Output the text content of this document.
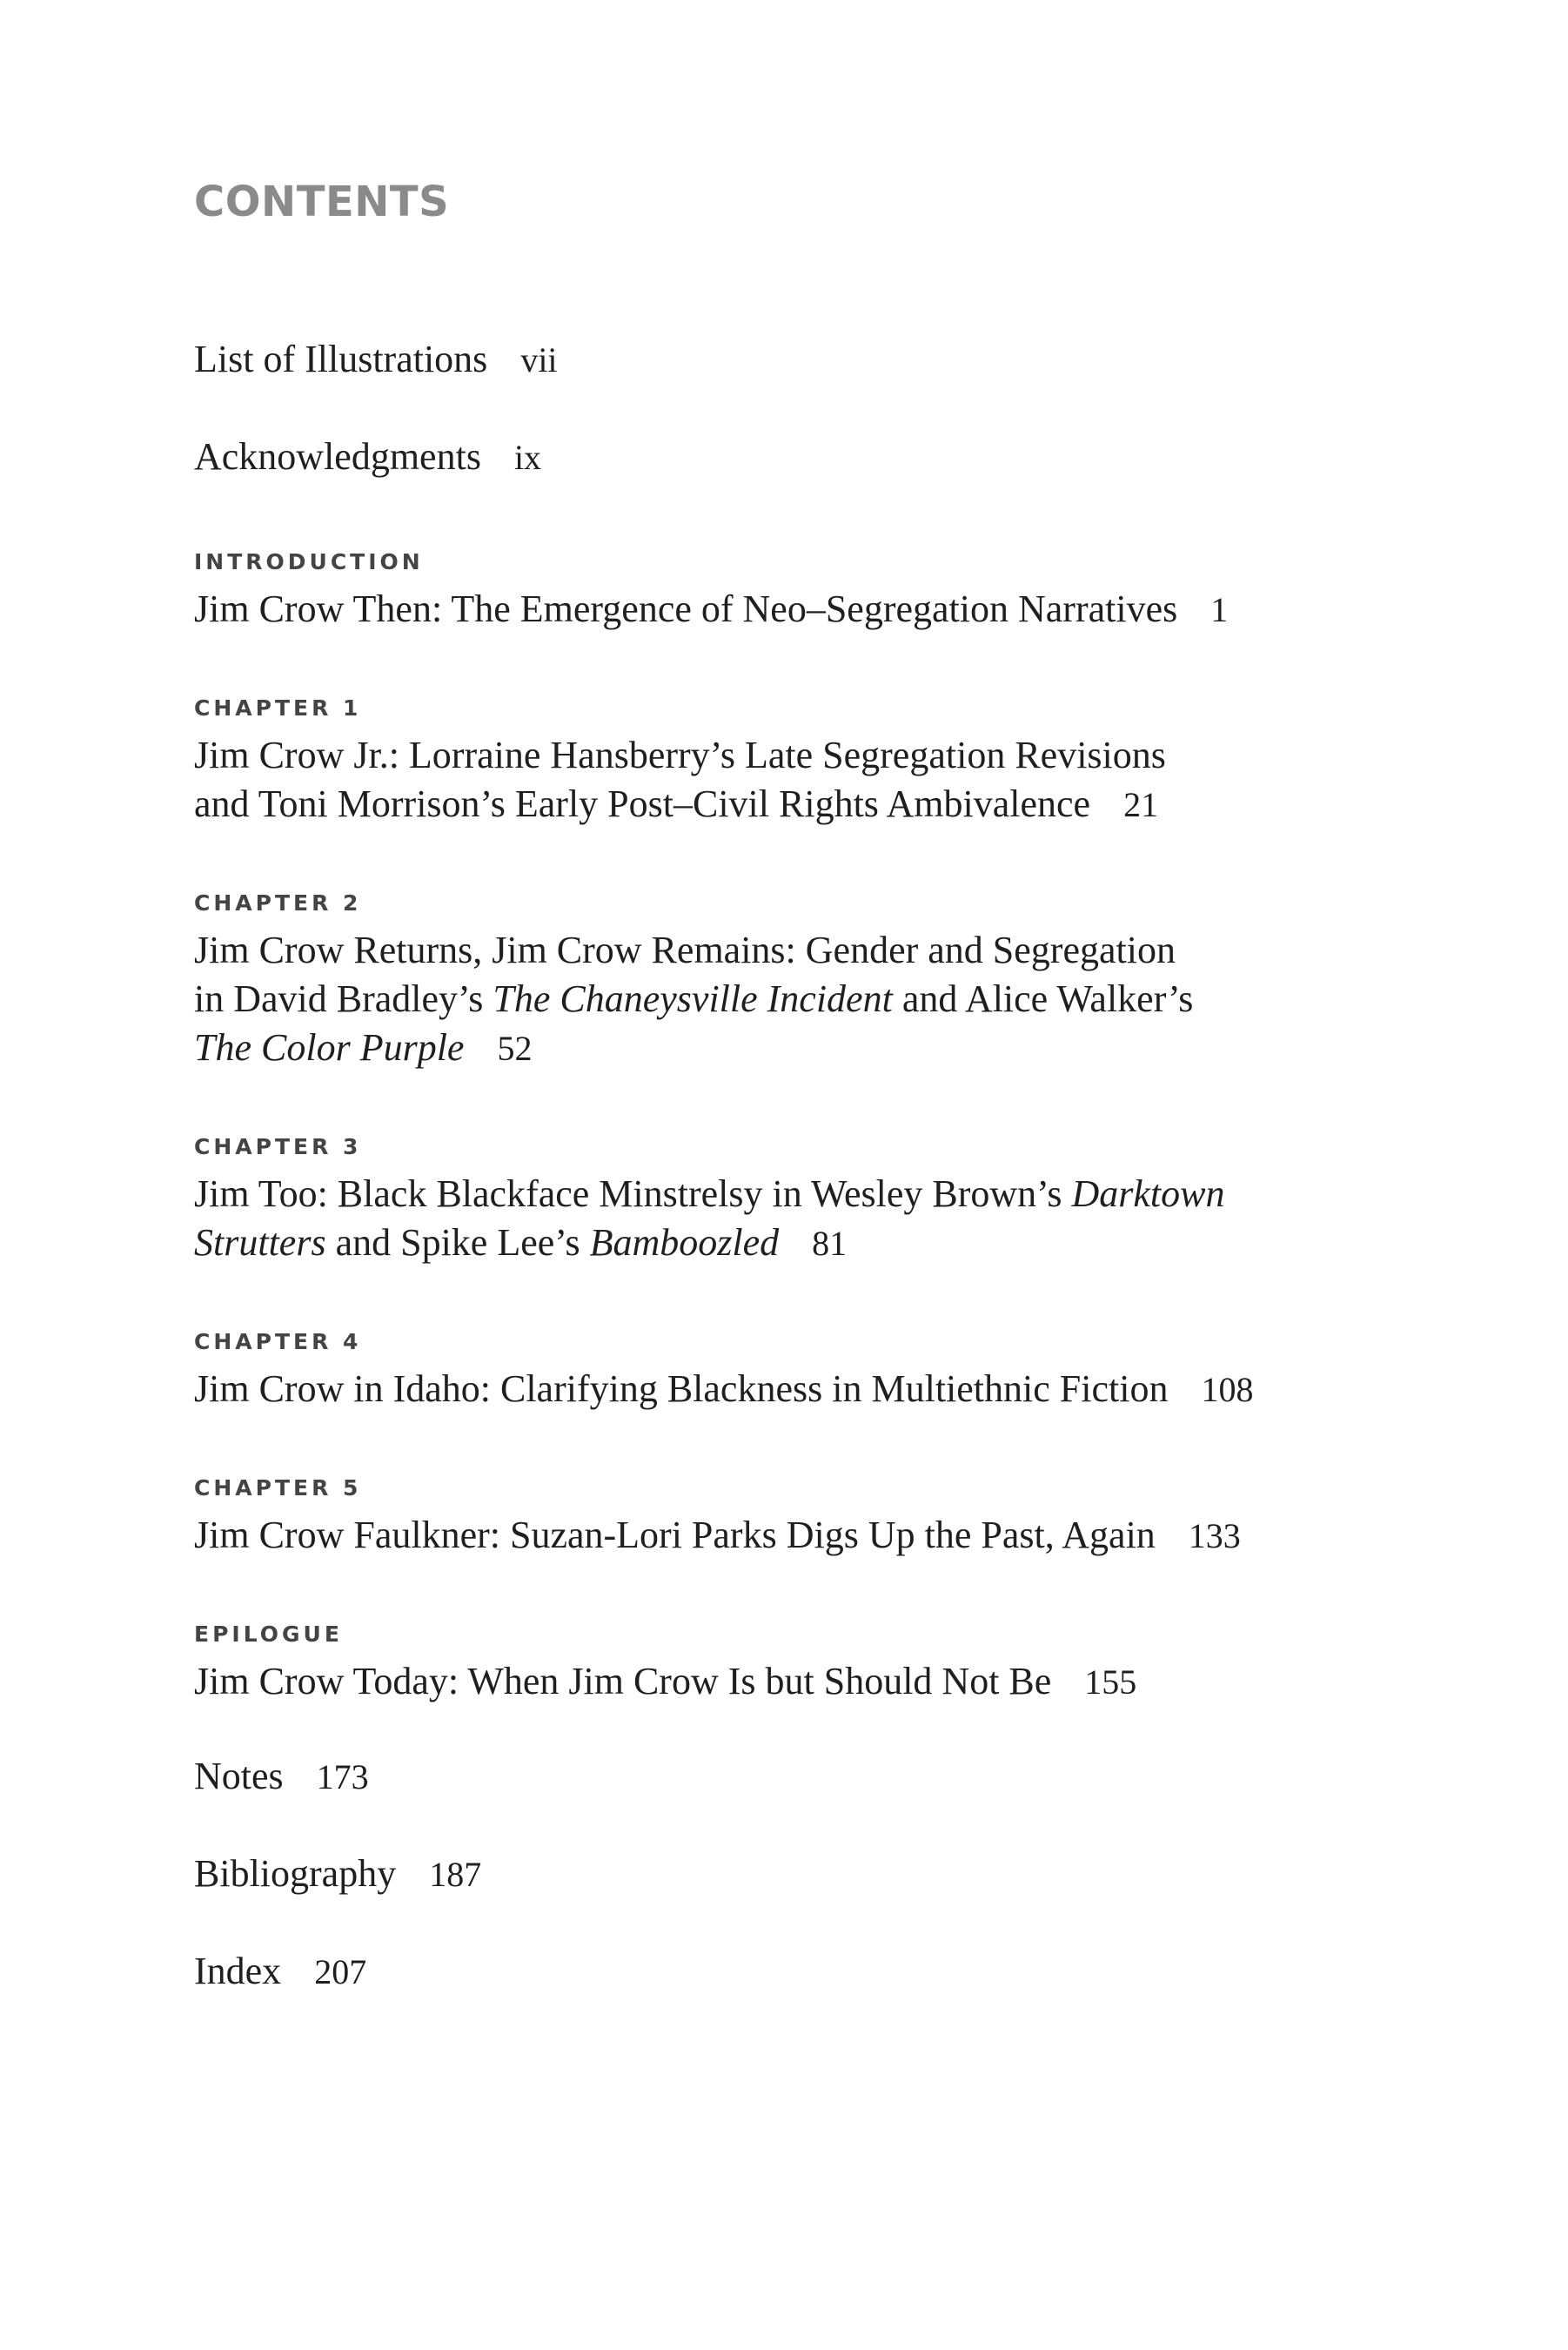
CONTENTS
List of Illustrations vii
Acknowledgments ix
INTRODUCTION
Jim Crow Then: The Emergence of Neo–Segregation Narratives 1
CHAPTER 1
Jim Crow Jr.: Lorraine Hansberry’s Late Segregation Revisions
and Toni Morrison’s Early Post–Civil Rights Ambivalence 21
CHAPTER 2
Jim Crow Returns, Jim Crow Remains: Gender and Segregation
in David Bradley’s The Chaneysville Incident and Alice Walker’s
The Color Purple 52
CHAPTER 3
Jim Too: Black Blackface Minstrelsy in Wesley Brown’s Darktown
Strutters and Spike Lee’s Bamboozled 81
CHAPTER 4
Jim Crow in Idaho: Clarifying Blackness in Multiethnic Fiction 108
CHAPTER 5
Jim Crow Faulkner: Suzan-Lori Parks Digs Up the Past, Again 133
EPILOGUE
Jim Crow Today: When Jim Crow Is but Should Not Be 155
Notes 173
Bibliography 187
Index 207
